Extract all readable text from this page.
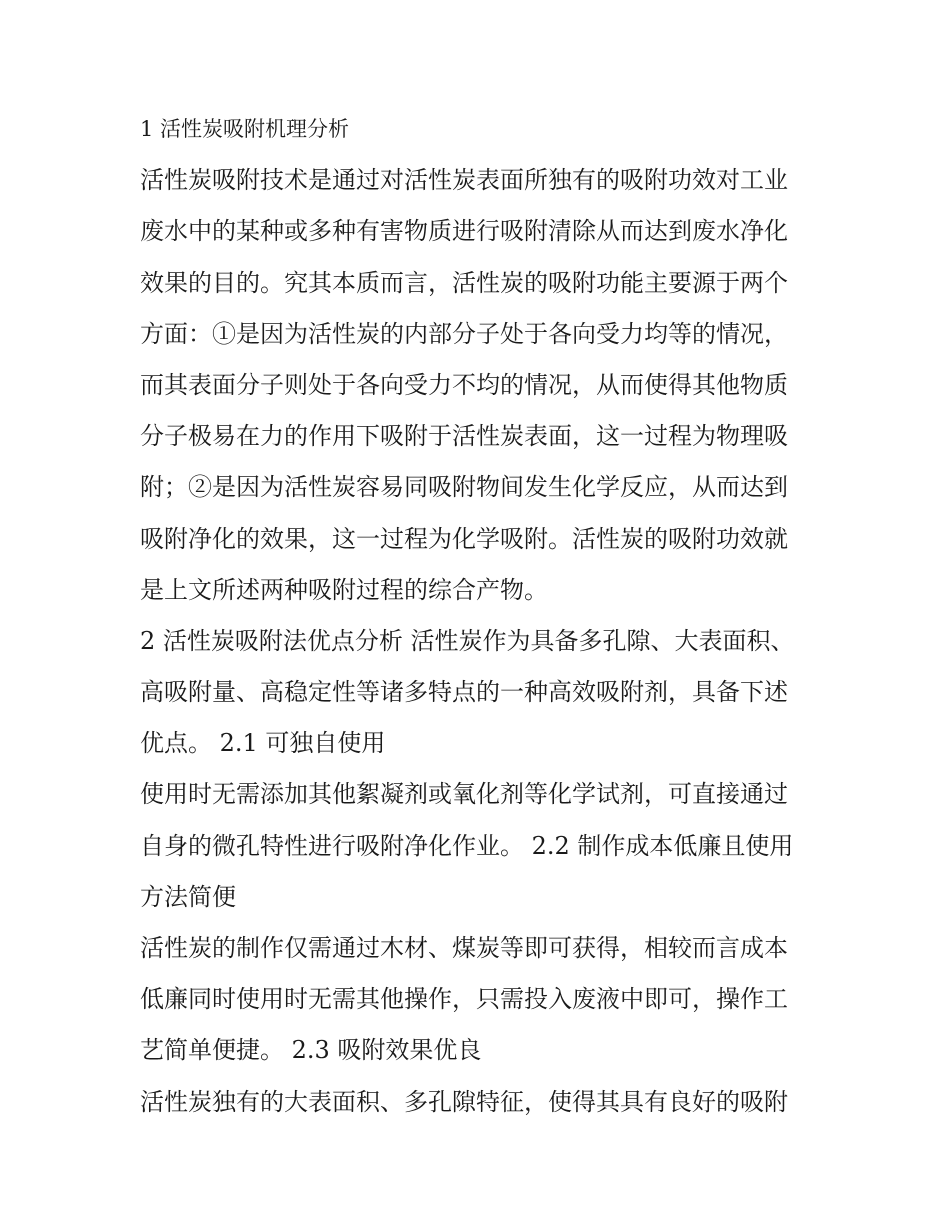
1 活性炭吸附机理分析
活性炭吸附技术是通过对活性炭表面所独有的吸附功效对工业
废水中的某种或多种有害物质进行吸附清除从而达到废水净化
效果的目的。究其本质而言，活性炭的吸附功能主要源于两个
方面：①是因为活性炭的内部分子处于各向受力均等的情况，
而其表面分子则处于各向受力不均的情况，从而使得其他物质
分子极易在力的作用下吸附于活性炭表面，这一过程为物理吸
附；②是因为活性炭容易同吸附物间发生化学反应，从而达到
吸附净化的效果，这一过程为化学吸附。活性炭的吸附功效就
是上文所述两种吸附过程的综合产物。
2 活性炭吸附法优点分析 活性炭作为具备多孔隙、大表面积、
高吸附量、高稳定性等诸多特点的一种高效吸附剂，具备下述
优点。 2.1 可独自使用
使用时无需添加其他絮凝剂或氧化剂等化学试剂，可直接通过
自身的微孔特性进行吸附净化作业。 2.2 制作成本低廉且使用
方法简便
活性炭的制作仅需通过木材、煤炭等即可获得，相较而言成本
低廉同时使用时无需其他操作，只需投入废液中即可，操作工
艺简单便捷。 2.3 吸附效果优良
活性炭独有的大表面积、多孔隙特征，使得其具有良好的吸附
